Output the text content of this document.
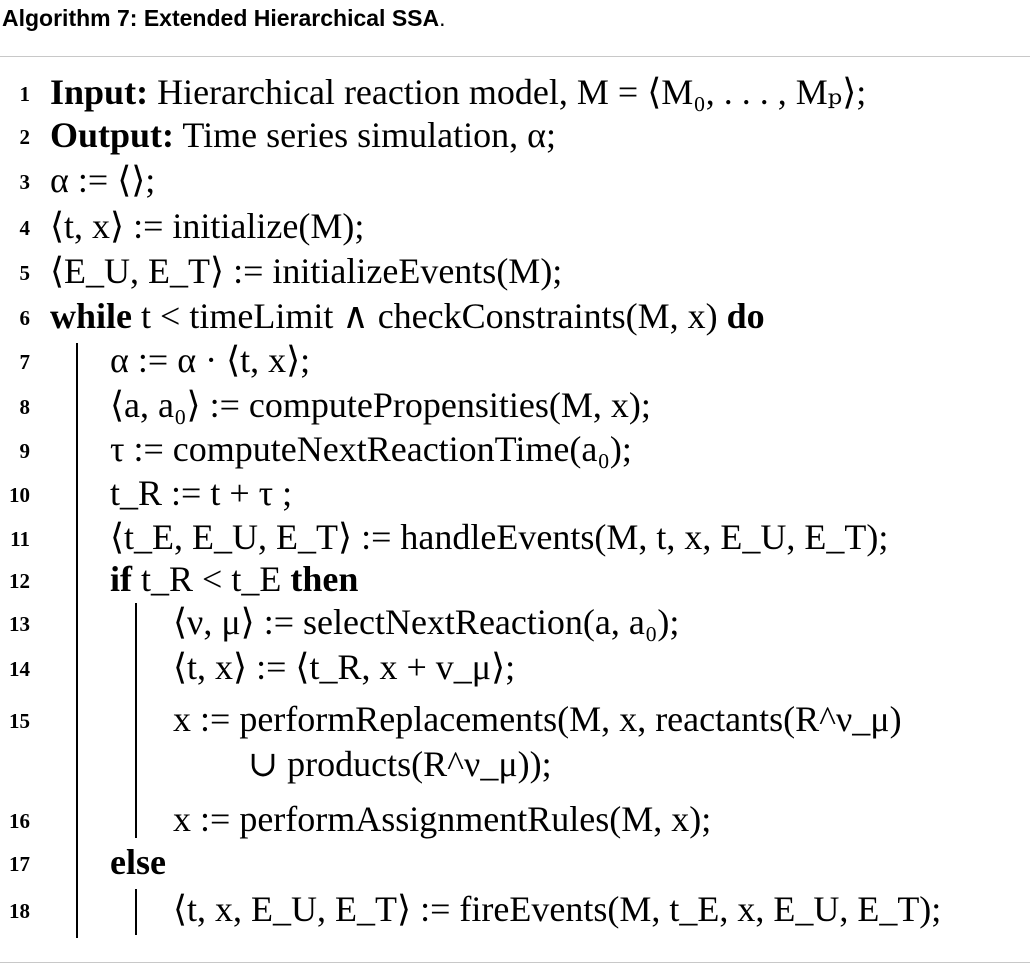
Algorithm 7: Extended Hierarchical SSA.
1 Input: Hierarchical reaction model, M = ⟨M₀, . . . , Mₚ⟩;
2 Output: Time series simulation, α;
3 α := ⟨⟩;
4 ⟨t, x⟩ := initialize(M);
5 ⟨E_U, E_T⟩ := initializeEvents(M);
6 while t < timeLimit ∧ checkConstraints(M, x) do
7 α := α · ⟨t, x⟩;
8 ⟨a, a₀⟩ := computePropensities(M, x);
9 τ := computeNextReactionTime(a₀);
10 t_R := t + τ ;
11 ⟨t_E, E_U, E_T⟩ := handleEvents(M, t, x, E_U, E_T);
12 if t_R < t_E then
13	⟨ν, μ⟩ := selectNextReaction(a, a₀);
14	⟨t, x⟩ := ⟨t_R, x + v_μ⟩;
15	x := performReplacements(M, x, reactants(R^ν_μ)
∪ products(R^ν_μ));
16	x := performAssignmentRules(M, x);
17 else
18	⟨t, x, E_U, E_T⟩ := fireEvents(M, t_E, x, E_U, E_T);
